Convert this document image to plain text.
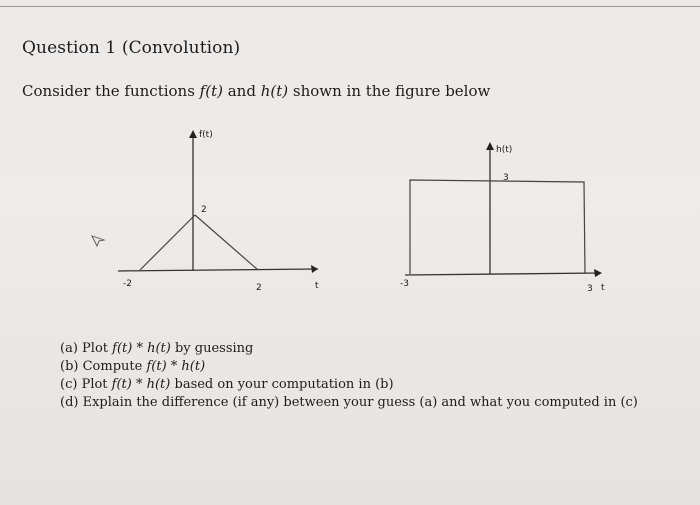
Question 1 (Convolution)
Consider the functions f(t) and h(t) shown in the figure below
f(t)
2
-2	2	t
h(t)
3
-3	3 t
(a) Plot f(t) * h(t) by guessing
(b) Compute f(t) * h(t)
(c) Plot f(t) * h(t) based on your computation in (b)
(d) Explain the difference (if any) between your guess (a) and what you computed in (c)
